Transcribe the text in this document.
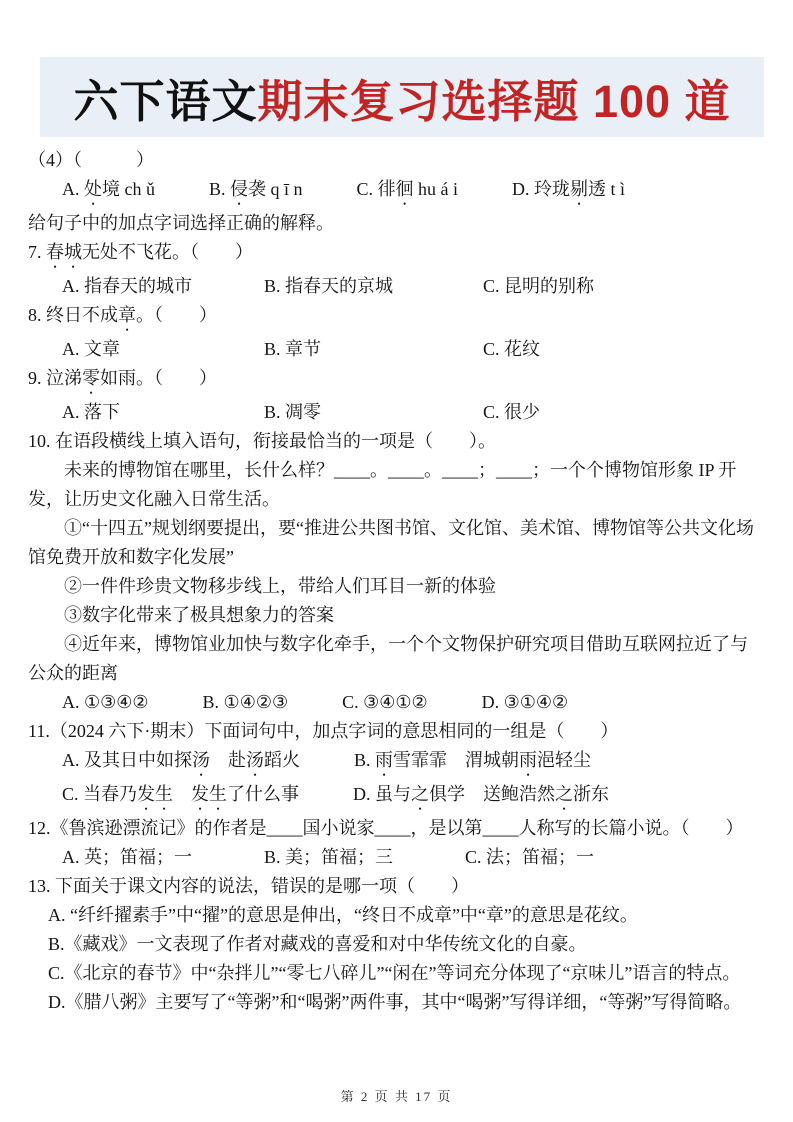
六下语文 期末复习选择题 100 道
（4）（　　　）
A. 处境 ch ǔ　　　B. 侵袭 q ī n　　　C. 徘徊 hu á i　　　D. 玲珑剔透 t ì
给句子中的加点字词选择正确的解释。
7. 春城无处不飞花。（　　）
A. 指春天的城市　　　　B. 指春天的京城　　　　　C. 昆明的别称
8. 终日不成章。（　　）
A. 文章　　　　　　　　B. 章节　　　　　　　　　C. 花纹
9. 泣涕零如雨。（　　）
A. 落下　　　　　　　　B. 凋零　　　　　　　　　C. 很少
10. 在语段横线上填入语句，衔接最恰当的一项是（　　）。
未来的博物馆在哪里，长什么样？____。____。____；____；一个个博物馆形象 IP 开发，让历史文化融入日常生活。
①“十四五”规划纲要提出，要“推进公共图书馆、文化馆、美术馆、博物馆等公共文化场馆免费开放和数字化发展”
②一件件珍贵文物移步线上，带给人们耳目一新的体验
③数字化带来了极具想象力的答案
④近年来，博物馆业加快与数字化牵手，一个个文物保护研究项目借助互联网拉近了与公众的距离
A. ①③④②　　　B. ①④②③　　　C. ③④①②　　　D. ③①④②
11.（2024 六下·期末）下面词句中，加点字词的意思相同的一组是（　　）
A. 及其日中如探汤　赴汤蹈火　　　B. 雨雪霏霏　渭城朝雨浥轻尘
C. 当春乃发生　 发生了什么事　　　D. 虽与之俱学　送鲍浩然之浙东
12.《鲁滨逊漂流记》的作者是____国小说家____，是以第____人称写的长篇小说。（　　）
A. 英；笛福；一　　　　B. 美；笛福；三　　　　C. 法；笛福；一
13. 下面关于课文内容的说法，错误的是哪一项（　　）
A. “纤纤擢素手”中“擢”的意思是伸出，“终日不成章”中“章”的意思是花纹。
B.《藏戏》一文表现了作者对藏戏的喜爱和对中华传统文化的自豪。
C.《北京的春节》中“杂拌儿”“零七八碎儿”“闲在”等词充分体现了“京味儿”语言的特点。
D.《腊八粥》主要写了“等粥”和“喝粥”两件事，其中“喝粥”写得详细，“等粥”写得简略。
第 2 页 共 17 页
